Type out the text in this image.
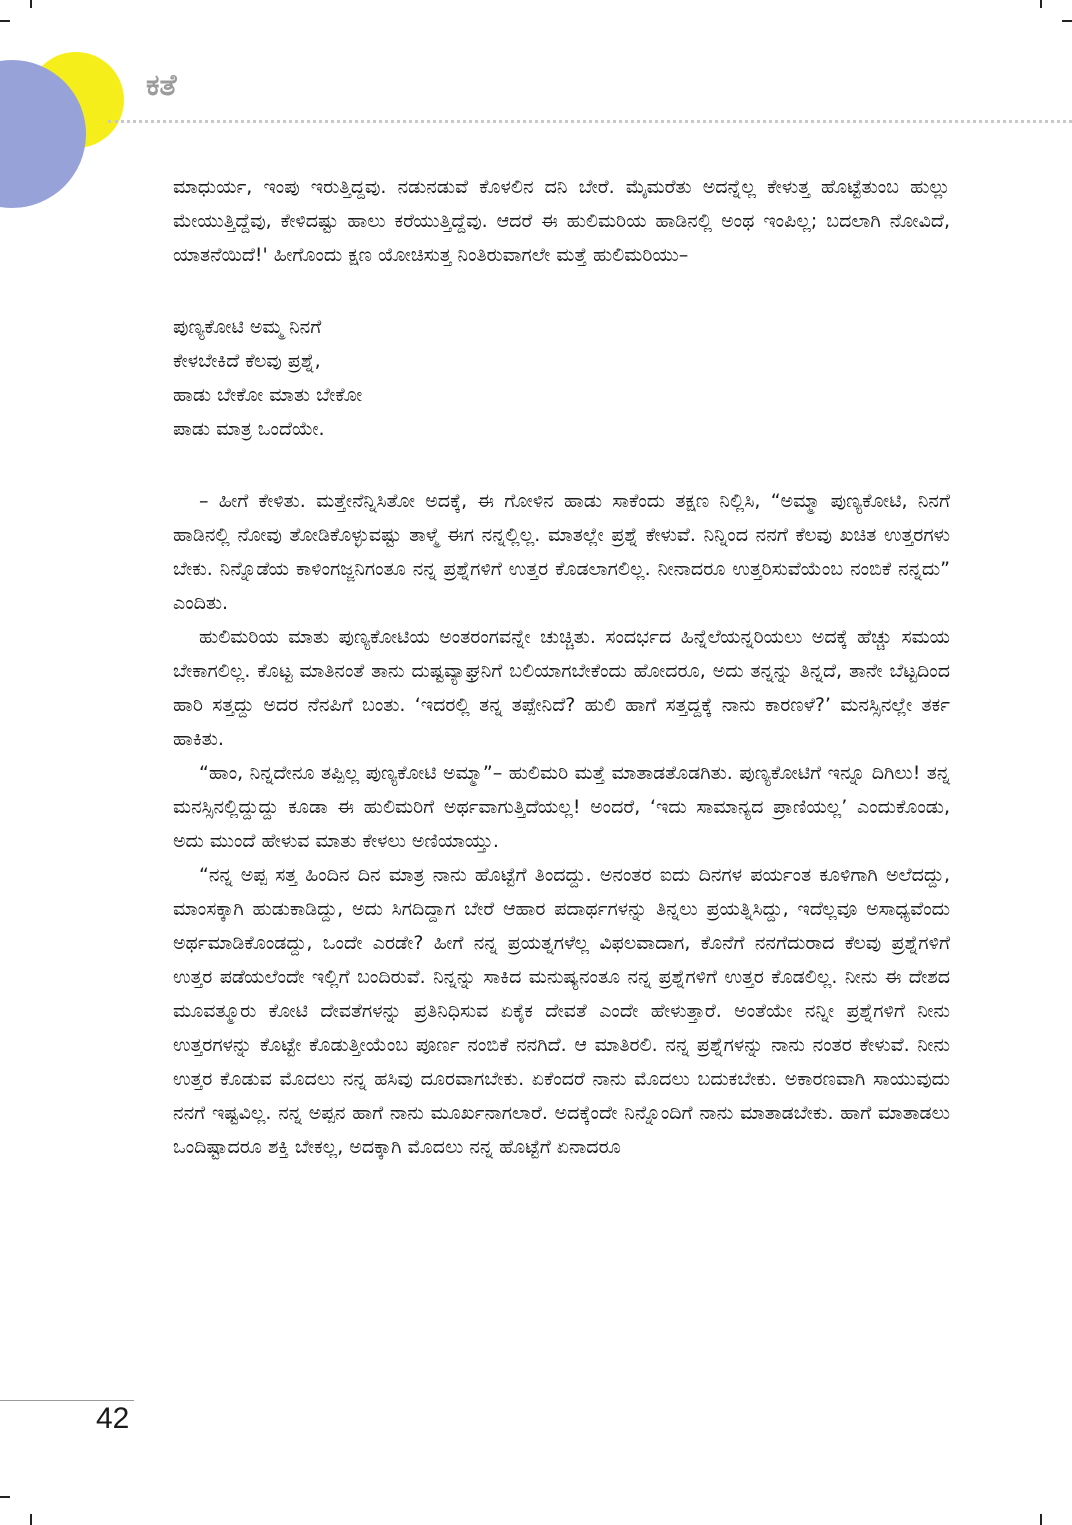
ಕತೆ

ಮಾಧುರ್ಯ, ಇಂಪು ಇರುತ್ತಿದ್ದವು. ನಡುನಡುವೆ ಕೊಳಲಿನ ದನಿ ಬೇರೆ. ಮೈಮರೆತು ಅದನ್ನೆಲ್ಲ ಕೇಳುತ್ತ ಹೊಟ್ಟೆತುಂಬ ಹುಲ್ಲು ಮೇಯುತ್ತಿದ್ದೆವು, ಕೇಳಿದಷ್ಟು ಹಾಲು ಕರೆಯುತ್ತಿದ್ದೆವು. ಆದರೆ ಈ ಹುಲಿಮರಿಯ ಹಾಡಿನಲ್ಲಿ ಅಂಥ ಇಂಪಿಲ್ಲ; ಬದಲಾಗಿ ನೋವಿದೆ, ಯಾತನೆಯಿದೆ!' ಹೀಗೊಂದು ಕ್ಷಣ ಯೋಚಿಸುತ್ತ ನಿಂತಿರುವಾಗಲೇ ಮತ್ತೆ ಹುಲಿಮರಿಯು–

ಪುಣ್ಯಕೋಟಿ ಅಮ್ಮ ನಿನಗೆ
ಕೇಳಬೇಕಿದೆ ಕೆಲವು ಪ್ರಶ್ನೆ,
ಹಾಡು ಬೇಕೋ ಮಾತು ಬೇಕೋ
ಪಾಡು ಮಾತ್ರ ಒಂದೆಯೇ.

– ಹೀಗೆ ಕೇಳಿತು. ಮತ್ತೇನೆನ್ನಿಸಿತೋ ಅದಕ್ಕೆ, ಈ ಗೋಳಿನ ಹಾಡು ಸಾಕೆಂದು ತಕ್ಷಣ ನಿಲ್ಲಿಸಿ, “ಅಮ್ಮಾ ಪುಣ್ಯಕೋಟಿ, ನಿನಗೆ ಹಾಡಿನಲ್ಲಿ ನೋವು ತೋಡಿಕೊಳ್ಳುವಷ್ಟು ತಾಳ್ಮೆ ಈಗ ನನ್ನಲ್ಲಿಲ್ಲ. ಮಾತಲ್ಲೇ ಪ್ರಶ್ನೆ ಕೇಳುವೆ. ನಿನ್ನಿಂದ ನನಗೆ ಕೆಲವು ಖಚಿತ ಉತ್ತರಗಳು ಬೇಕು. ನಿನ್ನೊಡೆಯ ಕಾಳಿಂಗಜ್ಜನಿಗಂತೂ ನನ್ನ ಪ್ರಶ್ನೆಗಳಿಗೆ ಉತ್ತರ ಕೊಡಲಾಗಲಿಲ್ಲ. ನೀನಾದರೂ ಉತ್ತರಿಸುವೆಯೆಂಬ ನಂಬಿಕೆ ನನ್ನದು” ಎಂದಿತು.

ಹುಲಿಮರಿಯ ಮಾತು ಪುಣ್ಯಕೋಟಿಯ ಅಂತರಂಗವನ್ನೇ ಚುಚ್ಚಿತು. ಸಂದರ್ಭದ ಹಿನ್ನೆಲೆಯನ್ನರಿಯಲು ಅದಕ್ಕೆ ಹೆಚ್ಚು ಸಮಯ ಬೇಕಾಗಲಿಲ್ಲ. ಕೊಟ್ಟ ಮಾತಿನಂತೆ ತಾನು ದುಷ್ಟವ್ಯಾಘ್ರನಿಗೆ ಬಲಿಯಾಗಬೇಕೆಂದು ಹೋದರೂ, ಅದು ತನ್ನನ್ನು ತಿನ್ನದೆ, ತಾನೇ ಬೆಟ್ಟದಿಂದ ಹಾರಿ ಸತ್ತದ್ದು ಅದರ ನೆನಪಿಗೆ ಬಂತು. ‘ಇದರಲ್ಲಿ ತನ್ನ ತಪ್ಪೇನಿದೆ? ಹುಲಿ ಹಾಗೆ ಸತ್ತದ್ದಕ್ಕೆ ನಾನು ಕಾರಣಳೆ?’ ಮನಸ್ಸಿನಲ್ಲೇ ತರ್ಕ ಹಾಕಿತು.

“ಹಾಂ, ನಿನ್ನದೇನೂ ತಪ್ಪಿಲ್ಲ ಪುಣ್ಯಕೋಟಿ ಅಮ್ಮಾ”– ಹುಲಿಮರಿ ಮತ್ತೆ ಮಾತಾಡತೊಡಗಿತು. ಪುಣ್ಯಕೋಟಿಗೆ ಇನ್ನೂ ದಿಗಿಲು! ತನ್ನ ಮನಸ್ಸಿನಲ್ಲಿದ್ದುದ್ದು ಕೂಡಾ ಈ ಹುಲಿಮರಿಗೆ ಅರ್ಥವಾಗುತ್ತಿದೆಯಲ್ಲ! ಅಂದರೆ, ‘ಇದು ಸಾಮಾನ್ಯದ ಪ್ರಾಣಿಯಲ್ಲ’ ಎಂದುಕೊಂಡು, ಅದು ಮುಂದೆ ಹೇಳುವ ಮಾತು ಕೇಳಲು ಅಣಿಯಾಯ್ತು.

“ನನ್ನ ಅಪ್ಪ ಸತ್ತ ಹಿಂದಿನ ದಿನ ಮಾತ್ರ ನಾನು ಹೊಟ್ಟೆಗೆ ತಿಂದದ್ದು. ಅನಂತರ ಐದು ದಿನಗಳ ಪರ್ಯಂತ ಕೂಳಿಗಾಗಿ ಅಲೆದದ್ದು, ಮಾಂಸಕ್ಕಾಗಿ ಹುಡುಕಾಡಿದ್ದು, ಅದು ಸಿಗದಿದ್ದಾಗ ಬೇರೆ ಆಹಾರ ಪದಾರ್ಥಗಳನ್ನು ತಿನ್ನಲು ಪ್ರಯತ್ನಿಸಿದ್ದು, ಇದೆಲ್ಲವೂ ಅಸಾಧ್ಯವೆಂದು ಅರ್ಥಮಾಡಿಕೊಂಡದ್ದು, ಒಂದೇ ಎರಡೇ? ಹೀಗೆ ನನ್ನ ಪ್ರಯತ್ನಗಳೆಲ್ಲ ವಿಫಲವಾದಾಗ, ಕೊನೆಗೆ ನನಗೆದುರಾದ ಕೆಲವು ಪ್ರಶ್ನೆಗಳಿಗೆ ಉತ್ತರ ಪಡೆಯಲೆಂದೇ ಇಲ್ಲಿಗೆ ಬಂದಿರುವೆ. ನಿನ್ನನ್ನು ಸಾಕಿದ ಮನುಷ್ಯನಂತೂ ನನ್ನ ಪ್ರಶ್ನೆಗಳಿಗೆ ಉತ್ತರ ಕೊಡಲಿಲ್ಲ. ನೀನು ಈ ದೇಶದ ಮೂವತ್ಮೂರು ಕೋಟಿ ದೇವತೆಗಳನ್ನು ಪ್ರತಿನಿಧಿಸುವ ಏಕೈಕ ದೇವತೆ ಎಂದೇ ಹೇಳುತ್ತಾರೆ. ಅಂತೆಯೇ ನನ್ನೀ ಪ್ರಶ್ನೆಗಳಿಗೆ ನೀನು ಉತ್ತರಗಳನ್ನು ಕೊಟ್ಟೇ ಕೊಡುತ್ತೀಯೆಂಬ ಪೂರ್ಣ ನಂಬಿಕೆ ನನಗಿದೆ. ಆ ಮಾತಿರಲಿ. ನನ್ನ ಪ್ರಶ್ನೆಗಳನ್ನು ನಾನು ನಂತರ ಕೇಳುವೆ. ನೀನು ಉತ್ತರ ಕೊಡುವ ಮೊದಲು ನನ್ನ ಹಸಿವು ದೂರವಾಗಬೇಕು. ಏಕೆಂದರೆ ನಾನು ಮೊದಲು ಬದುಕಬೇಕು. ಅಕಾರಣವಾಗಿ ಸಾಯುವುದು ನನಗೆ ಇಷ್ಟವಿಲ್ಲ. ನನ್ನ ಅಪ್ಪನ ಹಾಗೆ ನಾನು ಮೂರ್ಖನಾಗಲಾರೆ. ಅದಕ್ಕೆಂದೇ ನಿನ್ನೊಂದಿಗೆ ನಾನು ಮಾತಾಡಬೇಕು. ಹಾಗೆ ಮಾತಾಡಲು ಒಂದಿಷ್ಟಾದರೂ ಶಕ್ತಿ ಬೇಕಲ್ಲ, ಅದಕ್ಕಾಗಿ ಮೊದಲು ನನ್ನ ಹೊಟ್ಟೆಗೆ ಏನಾದರೂ

42
